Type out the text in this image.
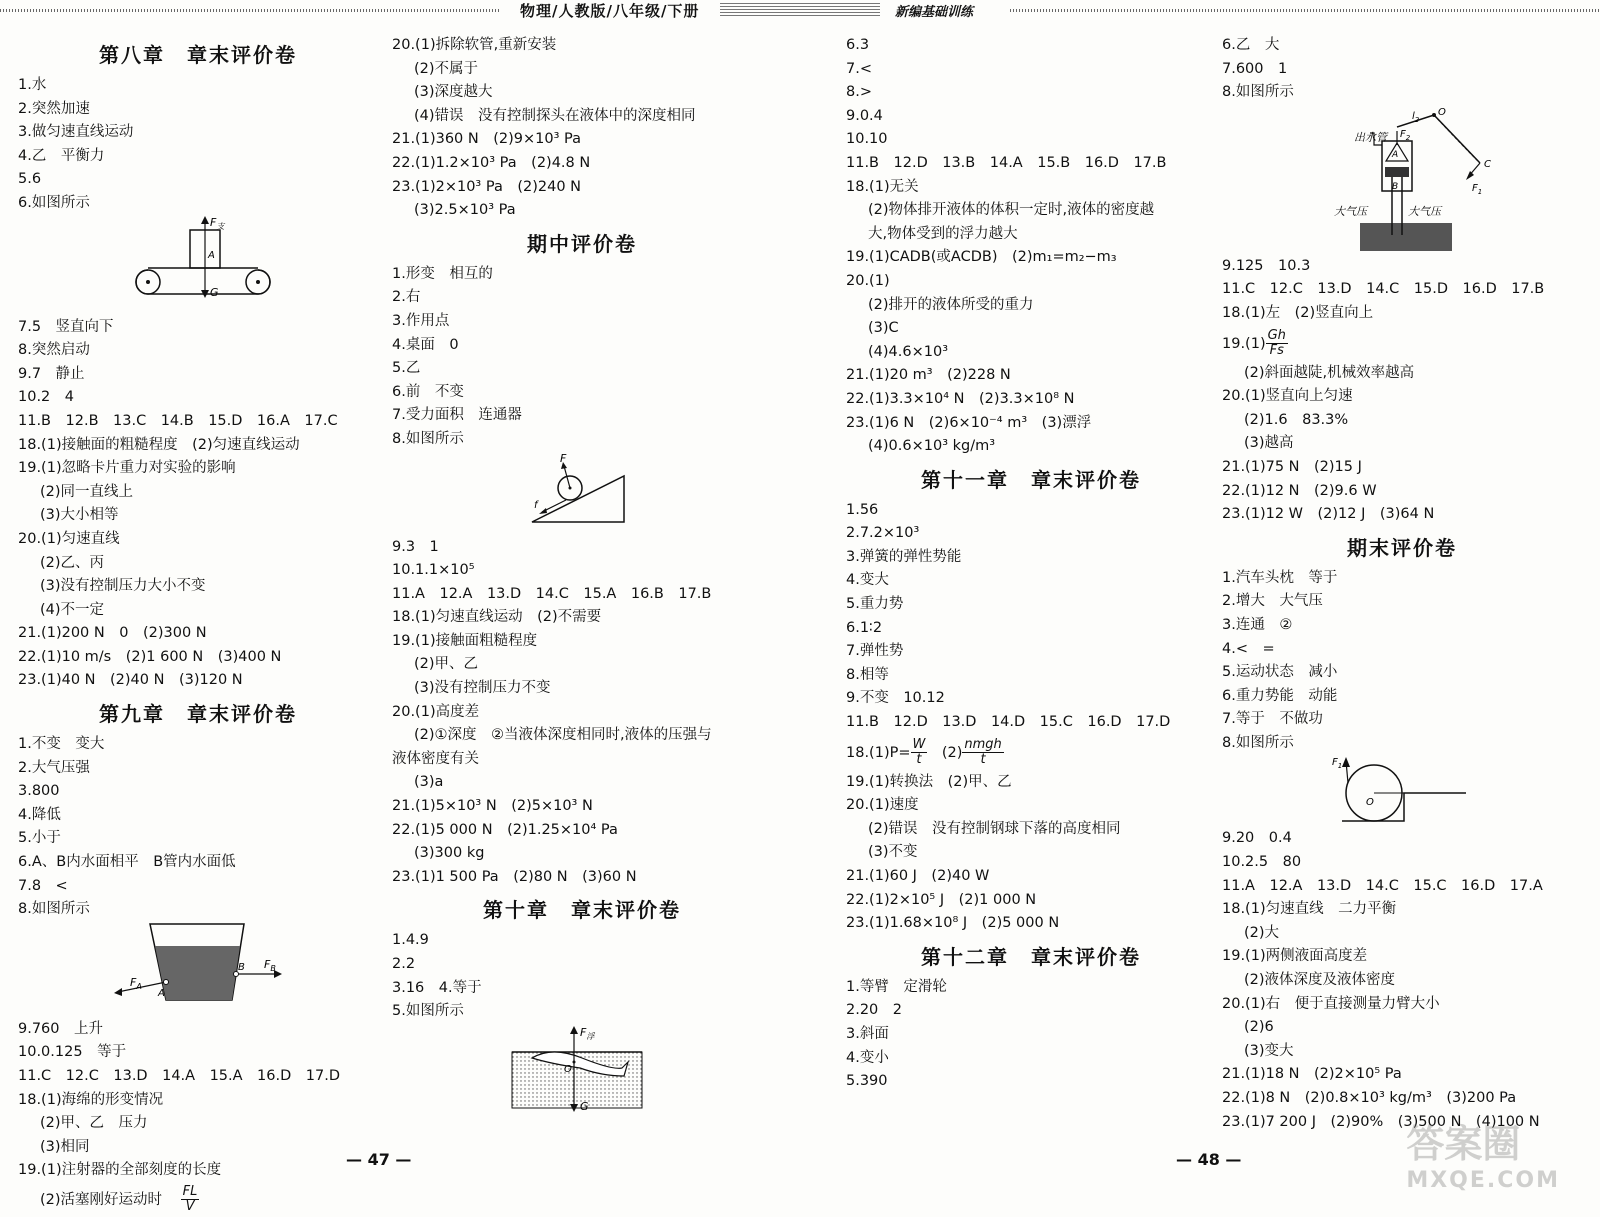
物理/人教版/八年级/下册	新编基础训练
第八章　章末评价卷
1.水
2.突然加速
3.做匀速直线运动
4.乙　平衡力
5.6
6.如图所示
$F_支$
A
G
7.5　竖直向下
8.突然启动
9.7　静止
10.2　4
11.B　12.B　13.C　14.B　15.D　16.A　17.C
18.(1)接触面的粗糙程度　(2)匀速直线运动
19.(1)忽略卡片重力对实验的影响
(2)同一直线上
(3)大小相等
20.(1)匀速直线
(2)乙、丙
(3)没有控制压力大小不变
(4)不一定
21.(1)200 N　0　(2)300 N
22.(1)10 m/s　(2)1 600 N　(3)400 N
23.(1)40 N　(2)40 N　(3)120 N
第九章　章末评价卷
1.不变　变大
2.大气压强
3.800
4.降低
5.小于
6.A、B内水面相平　B管内水面低
7.8　<
8.如图所示
$F_A$
A
B $F_B$
9.760　上升
10.0.125　等于
11.C　12.C　13.D　14.A　15.A　16.D　17.D
18.(1)海绵的形变情况
(2)甲、乙　压力
(3)相同
19.(1)注射器的全部刻度的长度
(2)活塞刚好运动时 $\frac{FL}{V}$
20.(1)拆除软管,重新安装
(2)不属于
(3)深度越大
(4)错误　没有控制探头在液体中的深度相同
21.(1)360 N　(2)9×10³ Pa
22.(1)1.2×10³ Pa　(2)4.8 N
23.(1)2×10³ Pa　(2)240 N
(3)2.5×10³ Pa
期中评价卷
1.形变　相互的
2.右
3.作用点
4.桌面　0
5.乙
6.前　不变
7.受力面积　连通器
8.如图所示
F
f
9.3　1
10.1.1×10⁵
11.A　12.A　13.D　14.C　15.A　16.B　17.B
18.(1)匀速直线运动　(2)不需要
19.(1)接触面粗糙程度
(2)甲、乙
(3)没有控制压力不变
20.(1)高度差
(2)①深度　②当液体深度相同时,液体的压强与
液体密度有关
(3)a
21.(1)5×10³ N　(2)5×10³ N
22.(1)5 000 N　(2)1.25×10⁴ Pa
(3)300 kg
23.(1)1 500 Pa　(2)80 N　(3)60 N
第十章　章末评价卷
1.4.9
2.2
3.16　4.等于
5.如图所示
$F_浮$
O
G
6.3
7.<
8.>
9.0.4
10.10
11.B　12.D　13.B　14.A　15.B　16.D　17.B
18.(1)无关
(2)物体排开液体的体积一定时,液体的密度越
大,物体受到的浮力越大
19.(1)CADB(或ACDB)　(2)m₁=m₂−m₃
20.(1)
(2)排开的液体所受的重力
(3)C
(4)4.6×10³
21.(1)20 m³　(2)228 N
22.(1)3.3×10⁴ N　(2)3.3×10⁸ N
23.(1)6 N　(2)6×10⁻⁴ m³　(3)漂浮
(4)0.6×10³ kg/m³
第十一章　章末评价卷
1.56
2.7.2×10³
3.弹簧的弹性势能
4.变大
5.重力势
6.1∶2
7.弹性势
8.相等
9.不变　10.12
11.B　12.D　13.D　14.D　15.C　16.D　17.D
$18.(1)P= \frac{W}{t}$ 　$(2) \frac{\text{nmgh}}{t}$
19.(1)转换法　(2)甲、乙
20.(1)速度
(2)错误　没有控制钢球下落的高度相同
(3)不变
21.(1)60 J　(2)40 W
22.(1)2×10⁵ J　(2)1 000 N
23.(1)1.68×10⁸ J　(2)5 000 N
第十二章　章末评价卷
1.等臂　定滑轮
2.20　2
3.斜面
4.变小
5.390
6.乙　大
7.600　1
8.如图所示
出水管
$l_2$
O
$F_2$
A
B
C
$F_1$
大气压	大气压
9.125　10.3
11.C　12.C　13.D　14.C　15.D　16.D　17.B
18.(1)左　(2)竖直向上
$19.(1) \frac{Gh}{Fs}$
(2)斜面越陡,机械效率越高
20.(1)竖直向上匀速
(2)1.6　83.3%
(3)越高
21.(1)75 N　(2)15 J
22.(1)12 N　(2)9.6 W
23.(1)12 W　(2)12 J　(3)64 N
期末评价卷
1.汽车头枕　等于
2.增大　大气压
3.连通　②
4.<　=
5.运动状态　减小
6.重力势能　动能
7.等于　不做功
8.如图所示
$F_1$
O
9.20　0.4
10.2.5　80
11.A　12.A　13.D　14.C　15.C　16.D　17.A
18.(1)匀速直线　二力平衡
(2)大
19.(1)两侧液面高度差
(2)液体深度及液体密度
20.(1)右　便于直接测量力臂大小
(2)6
(3)变大
21.(1)18 N　(2)2×10⁵ Pa
22.(1)8 N　(2)0.8×10³ kg/m³　(3)200 Pa
23.(1)7 200 J　(2)90%　(3)500 N　(4)100 N
— 47 —	— 48 —	答案圈
MXQE.COM
